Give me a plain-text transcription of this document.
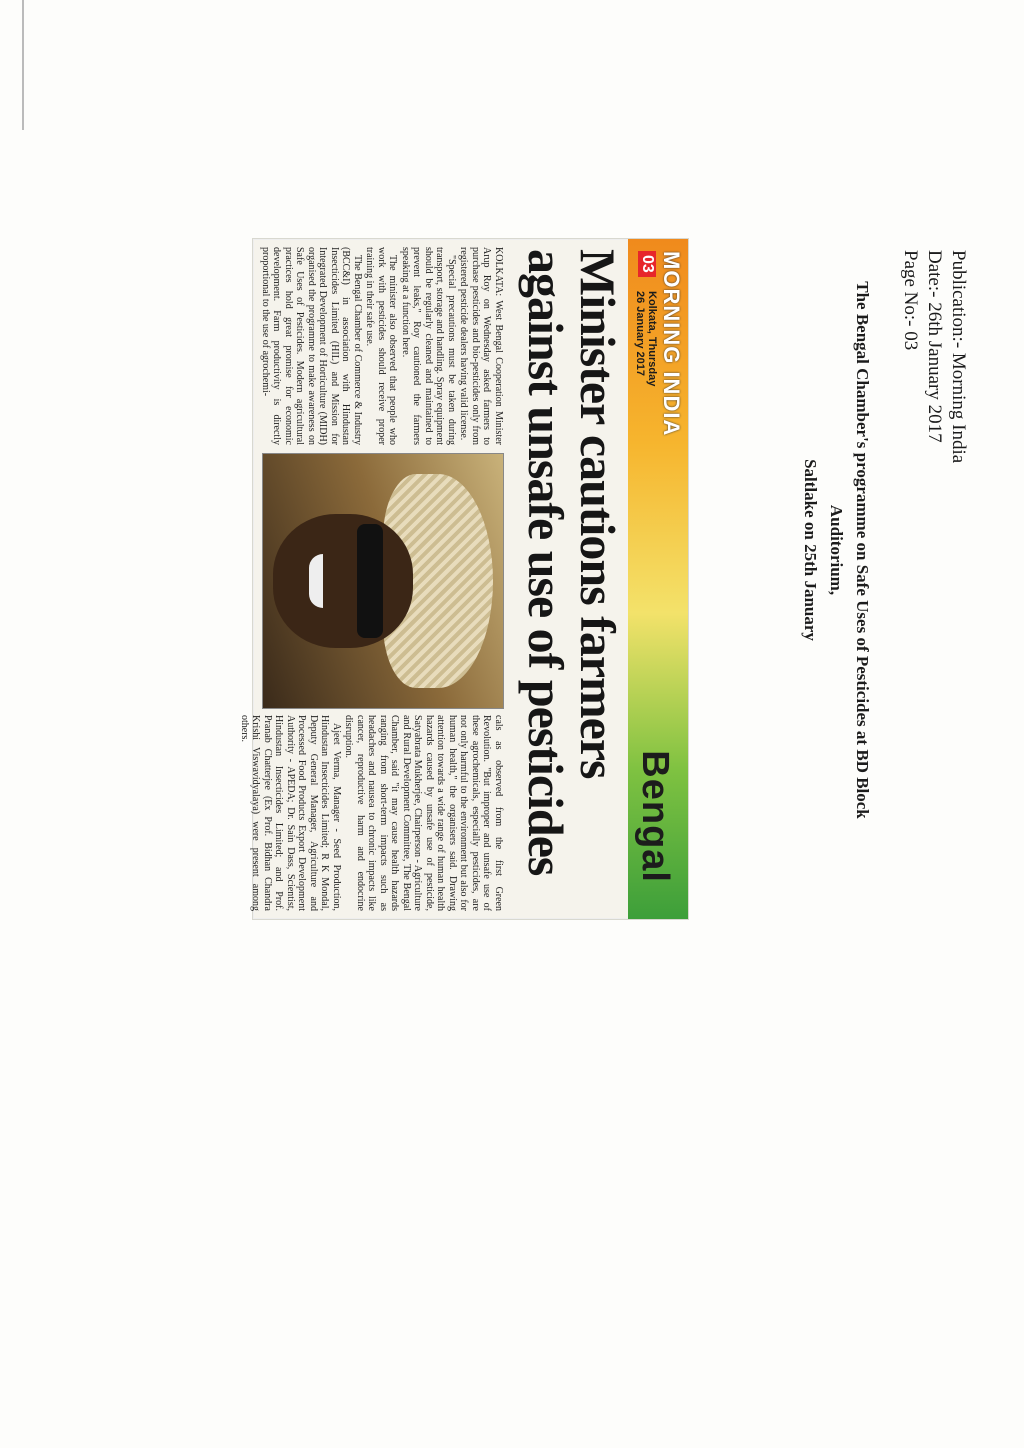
Publication:- Morning India
Date:- 26th January 2017
Page No:- 03
The Bengal Chamber's programme on Safe Uses of Pesticides at BD Block Auditorium,
Saltlake on 25th January
MORNING INDIA
03
Kolkata, Thursday
26 January 2017
Bengal
Minister cautions farmers against unsafe use of pesticides

KOLKATA: West Bengal Cooperation Minister Arup Roy on Wednesday asked farmers to purchase pesticides and bio-pesticides only from registered pesticide dealers having valid license.

"Special precautions must be taken during transport, storage and handling. Spray equipment should be regularly cleaned and maintained to prevent leaks," Roy cautioned the farmers speaking at a function here.

The minister also observed that people who work with pesticides should receive proper training in their safe use.

The Bengal Chamber of Commerce & Industry (BCC&I) in association with Hindustan Insecticides Limited (HIL) and Mission for Integrated Development of Horticulture (MIDH) organised the programme to make awareness on Safe Uses of Pesticides. Modern agricultural practices hold great promise for economic development. Farm productivity is directly proportional to the use of agrochemi-

cals as observed from the first Green Revolution. "But improper and unsafe use of these agrochemicals, especially pesticides, are not only harmful to the environment but also for human health," the organisers said. Drawing attention towards a wide range of human health hazards caused by unsafe use of pesticide, Satyabrata Mukherjee, Chairperson - Agriculture and Rural Development Committee, The Bengal Chamber, said "it may cause health hazards ranging from short-term impacts such as headaches and nausea to chronic impacts like cancer, reproductive harm and endocrine disruption.

Ajeet Verma, Manager - Seed Production, Hindustan Insecticides Limited; R K Mondal, Deputy General Manager, Agriculture and Processed Food Products Export Development Authority - APEDA; Dr. Sain Dass, Scientist, Hindustan Insecticides Limited; and Prof. Pranab Chatterjee (Ex Prof. Bidhan Chandra Krishi Viswavidyalaya) were present among others.
